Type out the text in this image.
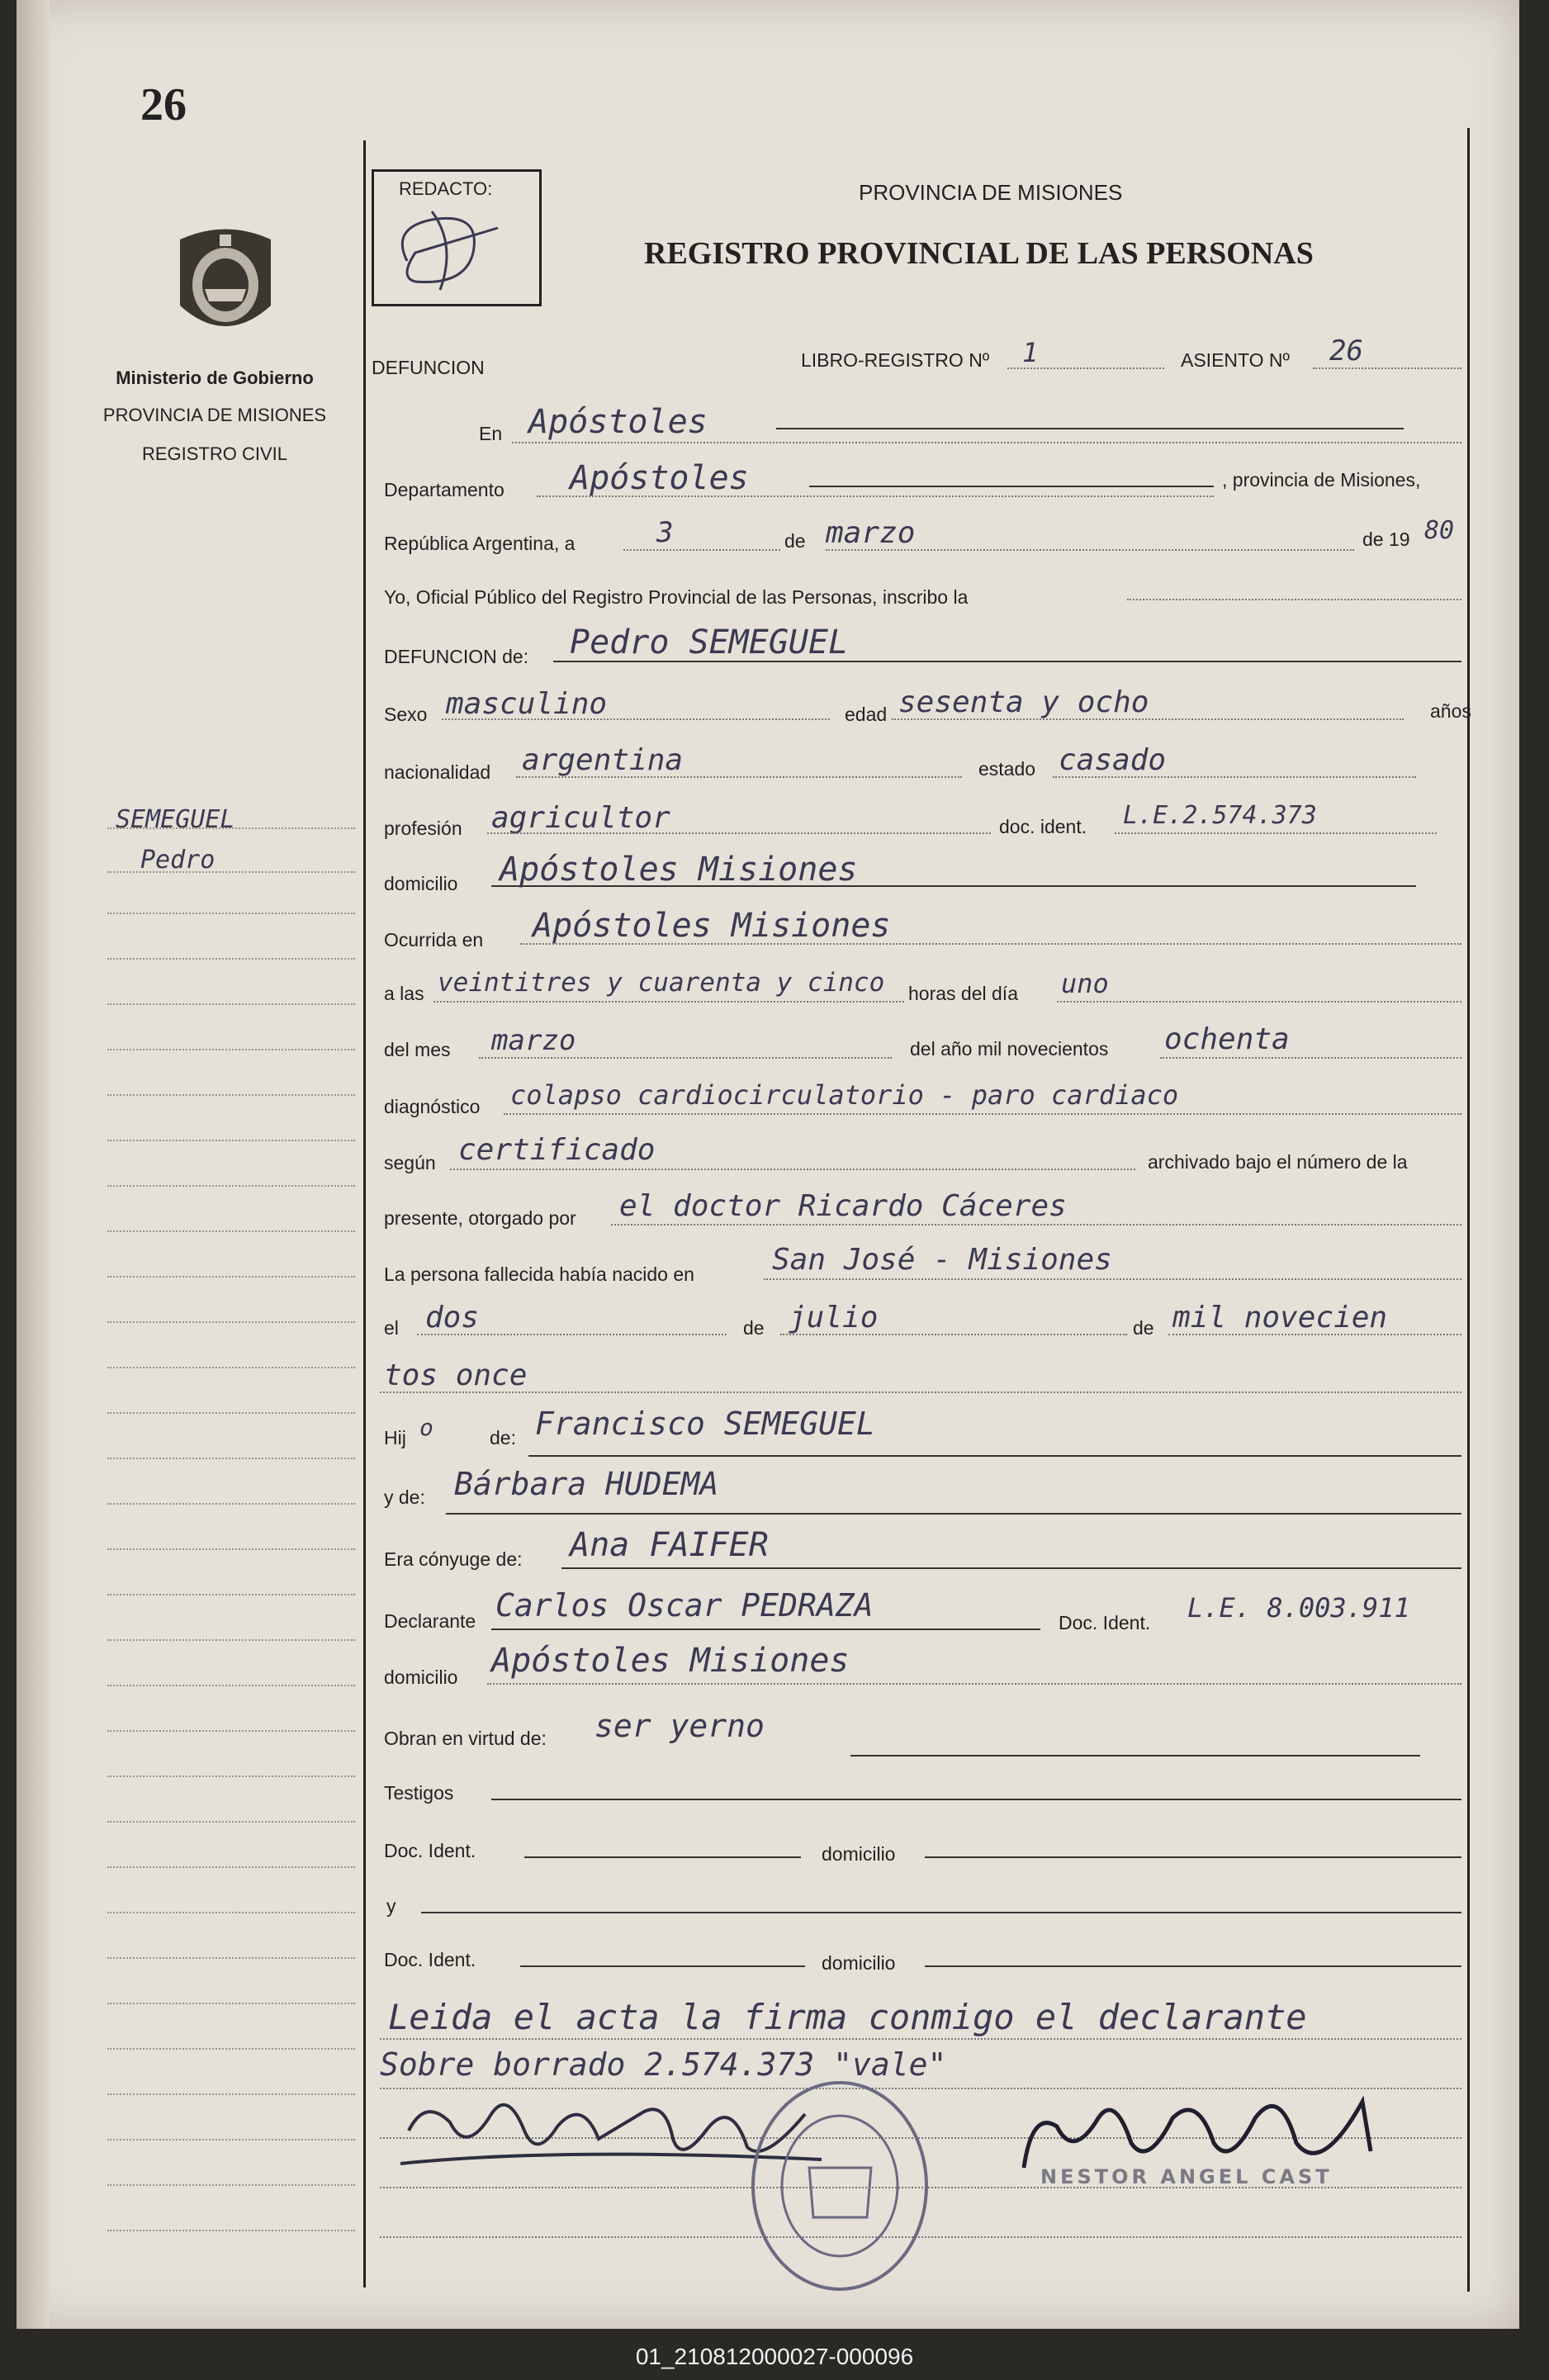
26
Ministerio de Gobierno
PROVINCIA DE MISIONES
REGISTRO CIVIL
SEMEGUEL
Pedro
REDACTO:	PROVINCIA DE MISIONES
REGISTRO PROVINCIAL DE LAS PERSONAS
DEFUNCION	LIBRO-REGISTRO Nº 1	ASIENTO Nº 26
En Apóstoles
Departamento Apóstoles	, provincia de Misiones,
República Argentina, a	3	de marzo	de 19 80
Yo, Oficial Público del Registro Provincial de las Personas, inscribo la
DEFUNCION de: Pedro SEMEGUEL
Sexo masculino	edad sesenta y ocho	años
nacionalidad argentina	estado casado
profesión agricultor	doc. ident. L.E.2.574.373
domicilio Apóstoles Misiones
Ocurrida en Apóstoles Misiones
a las veintitres y cuarenta y cinco horas del día uno
del mes marzo	del año mil novecientos ochenta
diagnóstico colapso cardiocirculatorio - paro cardiaco
según certificado	archivado bajo el número de la
presente, otorgado por el doctor Ricardo Cáceres
La persona fallecida había nacido en	San José - Misiones
el dos	de julio	de mil novecien
tos once
Hij o	de: Francisco SEMEGUEL
y de: Bárbara HUDEMA
Era cónyuge de: Ana FAIFER
Declarante Carlos Oscar PEDRAZA	Doc. Ident. L.E. 8.003.911
domicilio Apóstoles Misiones
Obran en virtud de: ser yerno
Testigos
Doc. Ident.	domicilio
y
Doc. Ident.	domicilio
Leida el acta la firma conmigo el declarante
Sobre borrado 2.574.373 "vale"
NESTOR ANGEL CAST
01_210812000027-000096
